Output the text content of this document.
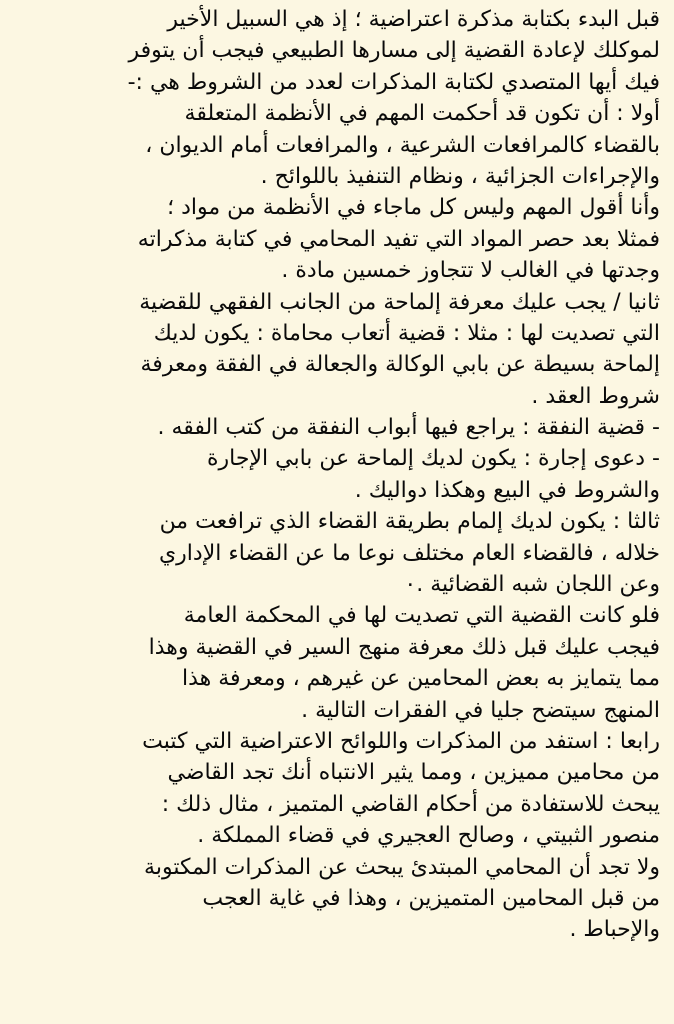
قبل البدء بكتابة مذكرة اعتراضية ؛ إذ هي السبيل الأخير
لموكلك لإعادة القضية إلى مسارها الطبيعي فيجب أن يتوفر
فيك أيها المتصدي لكتابة المذكرات لعدد من الشروط هي :-
أولا : أن تكون قد أحكمت المهم في الأنظمة المتعلقة
بالقضاء كالمرافعات الشرعية ، والمرافعات أمام الديوان ،
والإجراءات الجزائية ، ونظام التنفيذ باللوائح .
وأنا أقول المهم وليس كل ماجاء في الأنظمة من مواد ؛
فمثلا بعد حصر المواد التي تفيد المحامي في كتابة مذكراته
وجدتها في الغالب لا تتجاوز خمسين مادة .
ثانيا / يجب عليك معرفة إلماحة من الجانب الفقهي للقضية
التي تصديت لها : مثلا : قضية أتعاب محاماة : يكون لديك
إلماحة بسيطة عن بابي الوكالة والجعالة في الفقة ومعرفة
شروط العقد .
- قضية النفقة : يراجع فيها أبواب النفقة من كتب الفقه .
- دعوى إجارة : يكون لديك إلماحة عن بابي الإجارة
والشروط في البيع وهكذا دواليك .
ثالثا : يكون لديك إلمام بطريقة القضاء الذي ترافعت من
خلاله ، فالقضاء العام مختلف نوعا ما عن القضاء الإداري
وعن اللجان شبه القضائية .٠
فلو كانت القضية التي تصديت لها في المحكمة العامة
فيجب عليك قبل ذلك معرفة منهج السير في القضية وهذا
مما يتمايز به بعض المحامين عن غيرهم ، ومعرفة هذا
المنهج سيتضح جليا في الفقرات التالية .
رابعا : استفد من المذكرات واللوائح الاعتراضية التي كتبت
من محامين مميزين ، ومما يثير الانتباه أنك تجد القاضي
يبحث للاستفادة من أحكام القاضي المتميز ، مثال ذلك :
منصور الثبيتي ، وصالح العجيري في قضاء المملكة .
ولا تجد أن المحامي المبتدئ يبحث عن المذكرات المكتوبة
من قبل المحامين المتميزين ، وهذا في غاية العجب
والإحباط .
